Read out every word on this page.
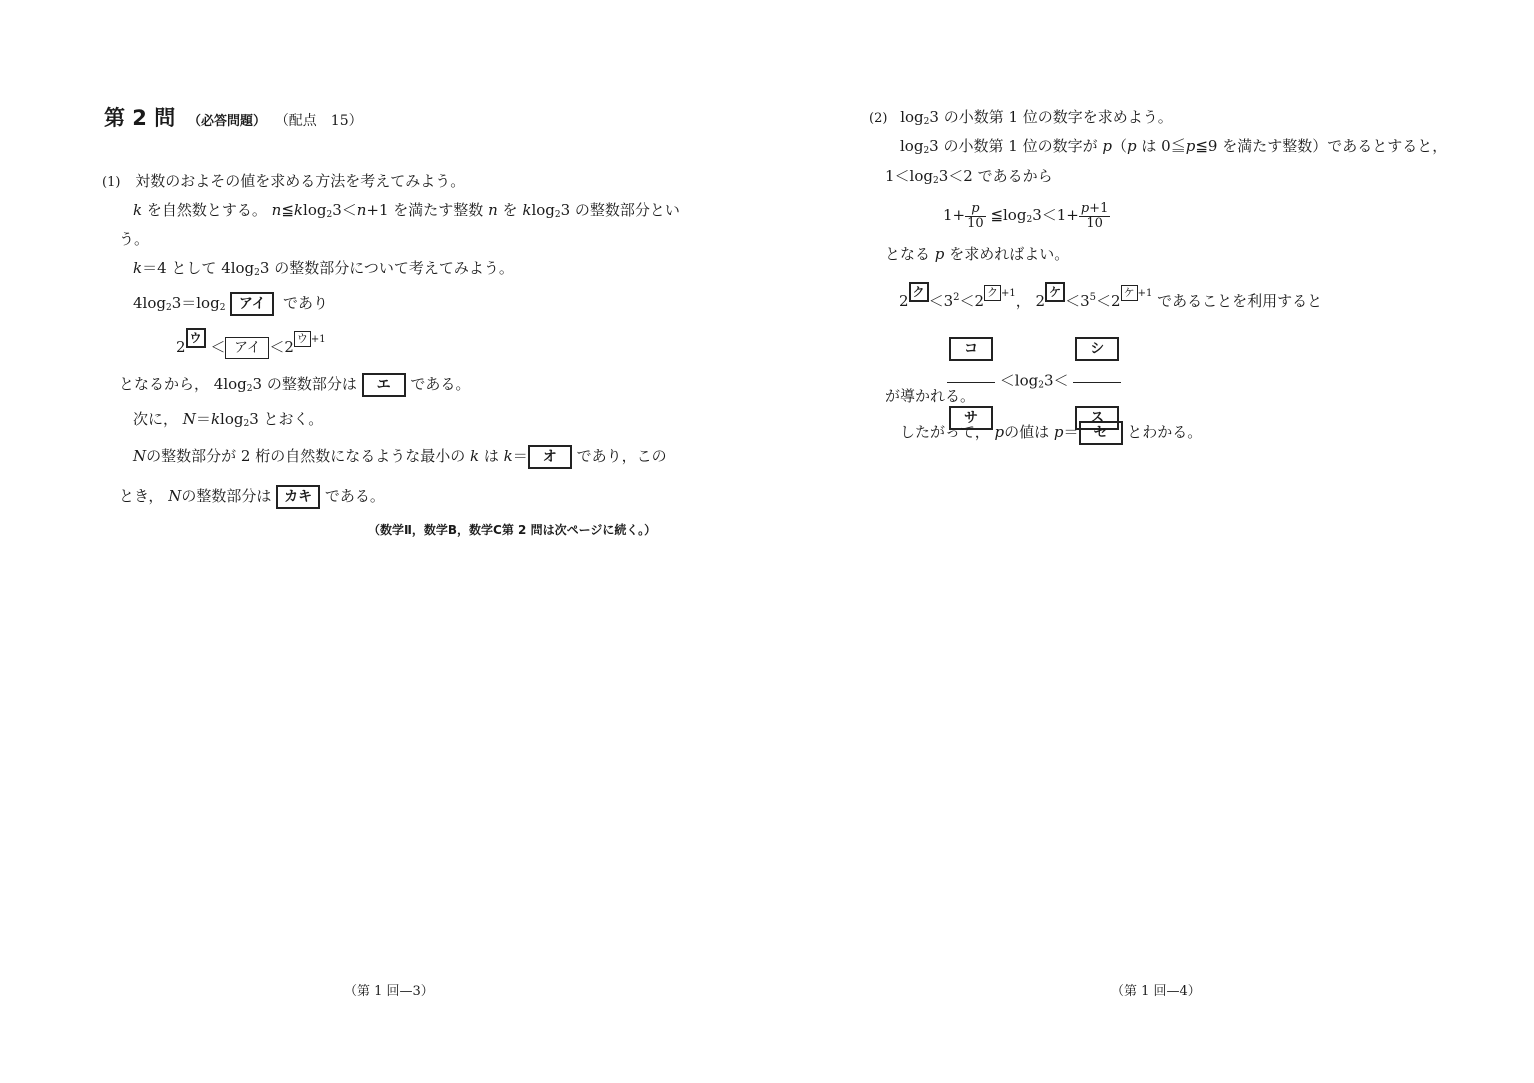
第 2 問 （必答問題） （配点　15）
(1) 対数のおよその値を求める方法を考えてみよう。
k を自然数とする。 n≦klog$_2$3＜n+1 を満たす整数 n を klog$_2$3 の整数部分とい
う。
k＝4 として $4\log_23$ の整数部分について考えてみよう。
$4\log_23=\log_2$ アイ であり
2 ウ ＜ アイ ＜2 ウ $^{+1}$
となるから， $4\log_23$ の整数部分は エ である。
次に， N＝klog$_2$3 とおく。
Nの整数部分が 2 桁の自然数になるような最小の k は k＝ オ であり，この
とき， Nの整数部分は カキ である。
（数学Ⅱ，数学B，数学C第 2 問は次ページに続く。）
（第 1 回—3）
(2) $\log_23$ の小数第 1 位の数字を求めよう。
$\log_23$ の小数第 1 位の数字が p（p は 0≦p≦9 を満たす整数）であるとすると，
$1<\log_23<2$ であるから
$1+ \frac{p}{10}$ $≦\log_23<1+ \frac{p+1}{10}$
となる p を求めればよい。
2 ク $<3^2<2$ ク $^{+1}$， 2 ケ $<3^5<2$ ケ $^{+1}$ であることを利用すると
$\frac{\text{コ}}{\text{サ}} <\log_23< \frac{\text{シ}}{\text{ス}}$
が導かれる。
したがって， pの値は p＝ セ とわかる。
（第 1 回—4）
